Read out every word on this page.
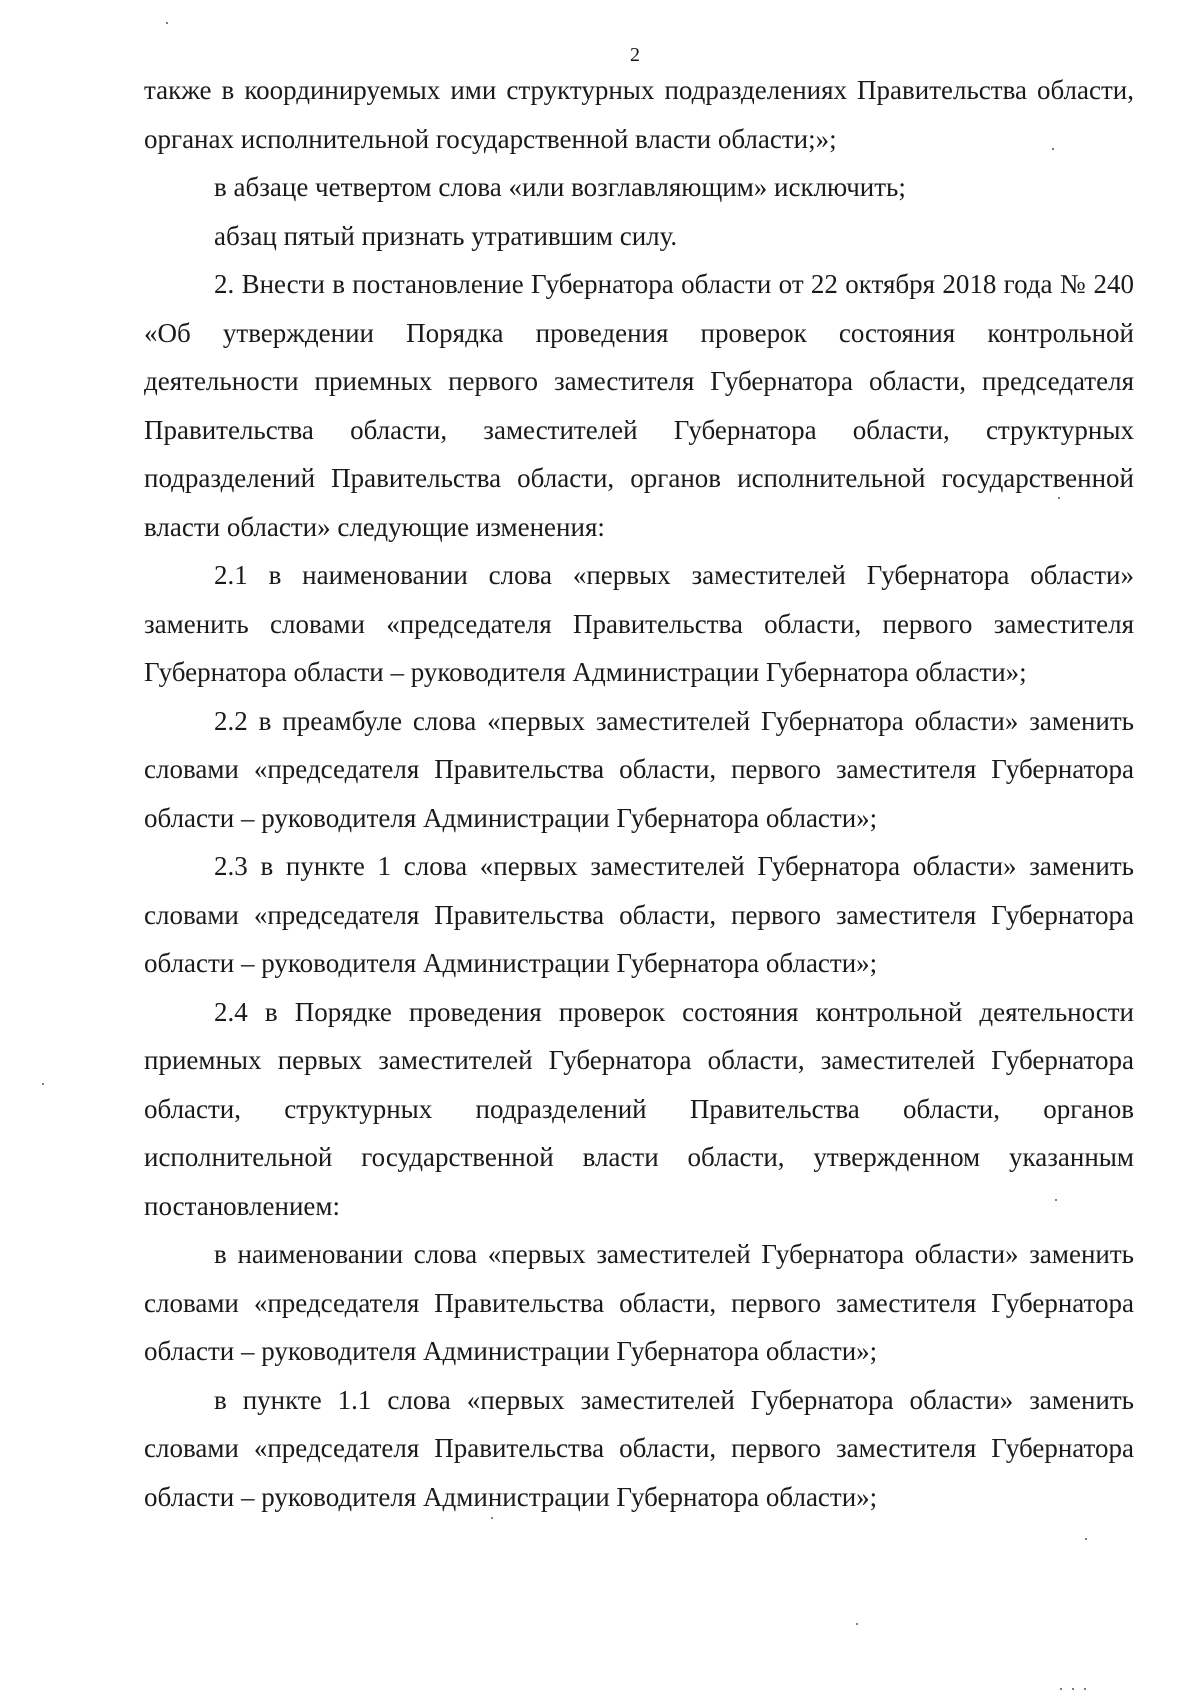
2

также в координируемых ими структурных подразделениях Правительства области, органах исполнительной государственной власти области;»;

в абзаце четвертом слова «или возглавляющим» исключить;

абзац пятый признать утратившим силу.

2. Внести в постановление Губернатора области от 22 октября 2018 года № 240 «Об утверждении Порядка проведения проверок состояния контрольной деятельности приемных первого заместителя Губернатора области, председателя Правительства области, заместителей Губернатора области, структурных подразделений Правительства области, органов исполнительной государственной власти области» следующие изменения:

2.1 в наименовании слова «первых заместителей Губернатора области» заменить словами «председателя Правительства области, первого заместителя Губернатора области – руководителя Администрации Губернатора области»;

2.2 в преамбуле слова «первых заместителей Губернатора области» заменить словами «председателя Правительства области, первого заместителя Губернатора области – руководителя Администрации Губернатора области»;

2.3 в пункте 1 слова «первых заместителей Губернатора области» заменить словами «председателя Правительства области, первого заместителя Губернатора области – руководителя Администрации Губернатора области»;

2.4 в Порядке проведения проверок состояния контрольной деятельности приемных первых заместителей Губернатора области, заместителей Губернатора области, структурных подразделений Правительства области, органов исполнительной государственной власти области, утвержденном указанным постановлением:

в наименовании слова «первых заместителей Губернатора области» заменить словами «председателя Правительства области, первого заместителя Губернатора области – руководителя Администрации Губернатора области»;

в пункте 1.1 слова «первых заместителей Губернатора области» заменить словами «председателя Правительства области, первого заместителя Губернатора области – руководителя Администрации Губернатора области»;
